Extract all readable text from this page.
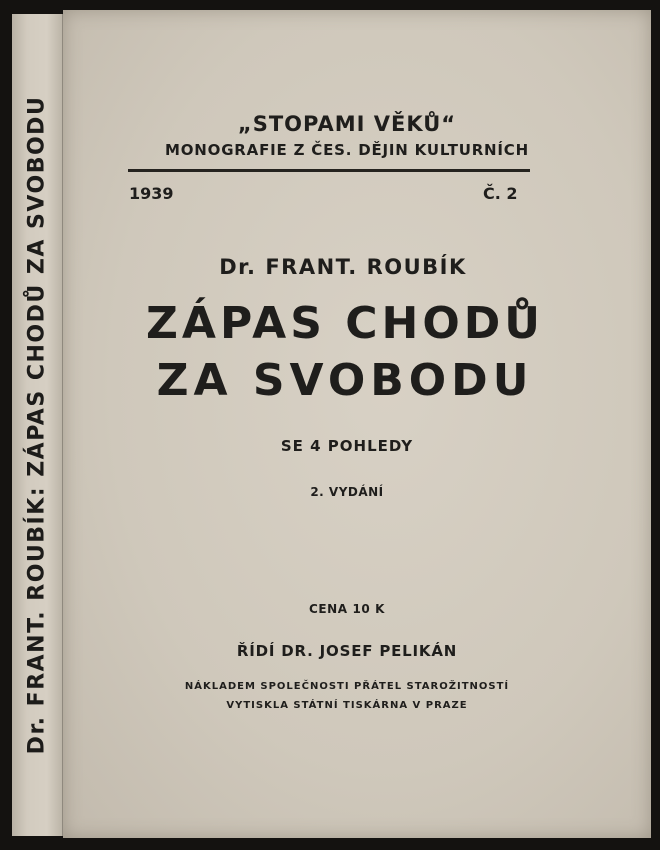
Dr. FRANT. ROUBÍK: ZÁPAS CHODŮ ZA SVOBODU	„STOPAMI VĚKŮ“
MONOGRAFIE Z ČES. DĚJIN KULTURNÍCH
1939	Č. 2
Dr. FRANT. ROUBÍK
ZÁPAS CHODŮ
ZA SVOBODU
SE 4 POHLEDY
2. VYDÁNÍ
CENA 10 K
ŘÍDÍ DR. JOSEF PELIKÁN
NÁKLADEM SPOLEČNOSTI PŘÁTEL STAROŽITNOSTÍ
VYTISKLA STÁTNÍ TISKÁRNA V PRAZE
